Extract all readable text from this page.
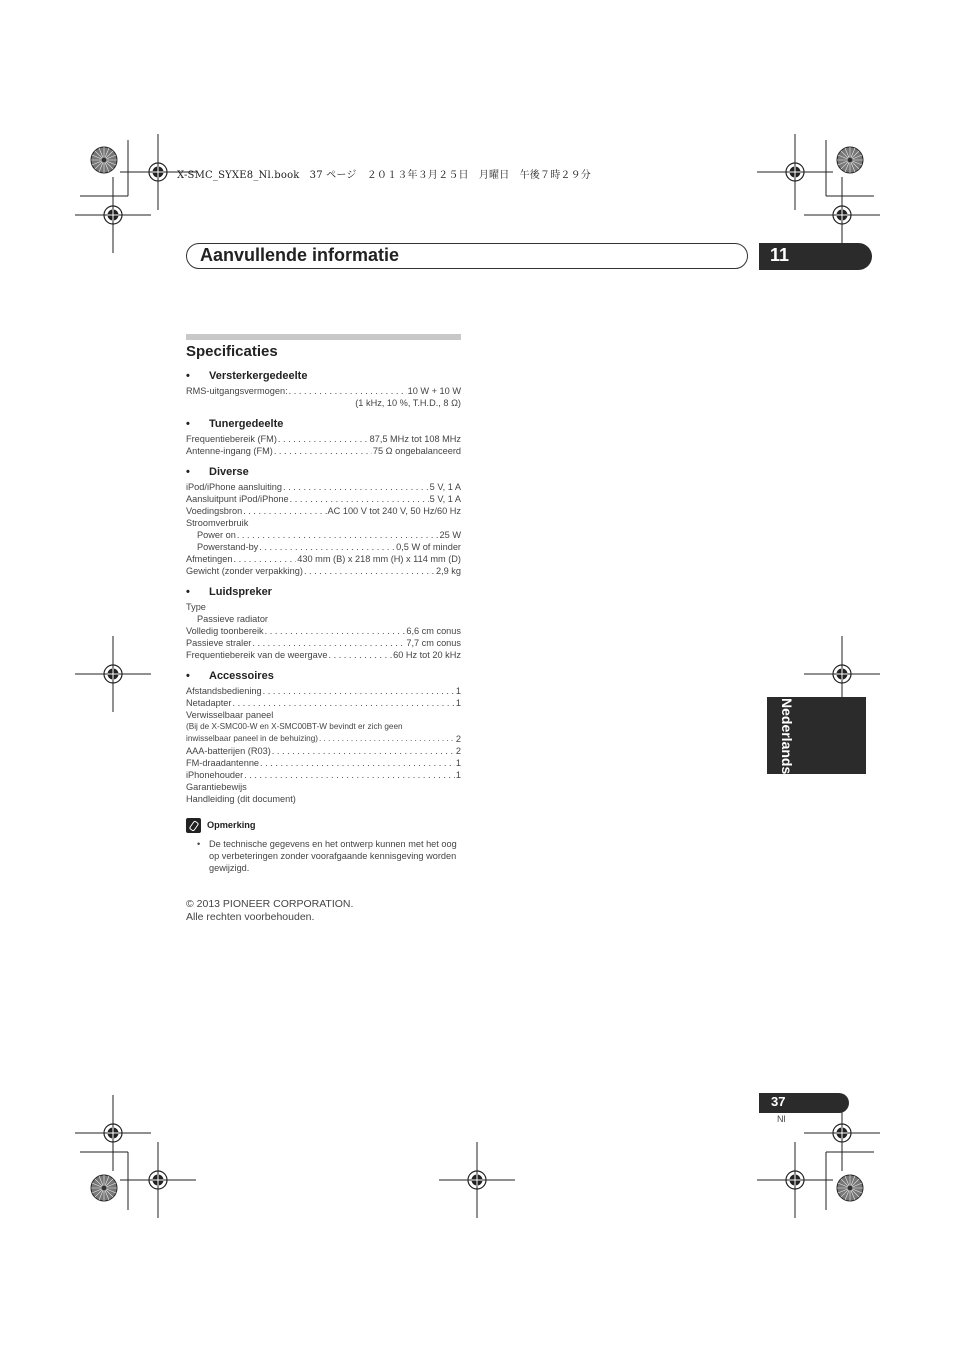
X-SMC_SYXE8_Nl.book   37 ページ   ２０１３年３月２５日   月曜日   午後７時２９分
Aanvullende informatie	11
Nederlands
Specificaties
• Versterkergedeelte
RMS-uitgangsvermogen: . . .	10 W + 10 W
(1 kHz, 10 %, T.H.D., 8 Ω)
• Tunergedeelte
Frequentiebereik (FM) . . .	87,5 MHz tot 108 MHz
Antenne-ingang (FM) . . .	75 Ω ongebalanceerd
• Diverse
iPod/iPhone aansluiting . . .	5 V, 1 A
Aansluitpunt iPod/iPhone . . .	5 V, 1 A
Voedingsbron . . .	AC 100 V tot 240 V, 50 Hz/60 Hz
Stroomverbruik
Power on . . .	25 W
Powerstand-by . . .	0,5 W of minder
Afmetingen . . .	430 mm (B) x 218 mm (H) x 114 mm (D)
Gewicht (zonder verpakking) . . .	2,9 kg
• Luidspreker
Type
Passieve radiator
Volledig toonbereik . . .	6,6 cm conus
Passieve straler . . .	7,7 cm conus
Frequentiebereik van de weergave . . .	60 Hz tot 20 kHz
• Accessoires
Afstandsbediening . . .	1
Netadapter . . .	1
Verwisselbaar paneel
(Bij de X-SMC00-W en X-SMC00BT-W bevindt er zich geen
inwisselbaar paneel in de behuizing) . . .	2
AAA-batterijen (R03) . . .	2
FM-draadantenne . . .	1
iPhonehouder . . .	1
Garantiebewijs
Handleiding (dit document)
Opmerking
• De technische gegevens en het ontwerp kunnen met het oog op verbeteringen zonder voorafgaande kennisgeving worden gewijzigd.
© 2013 PIONEER CORPORATION.
Alle rechten voorbehouden.
37
Nl
